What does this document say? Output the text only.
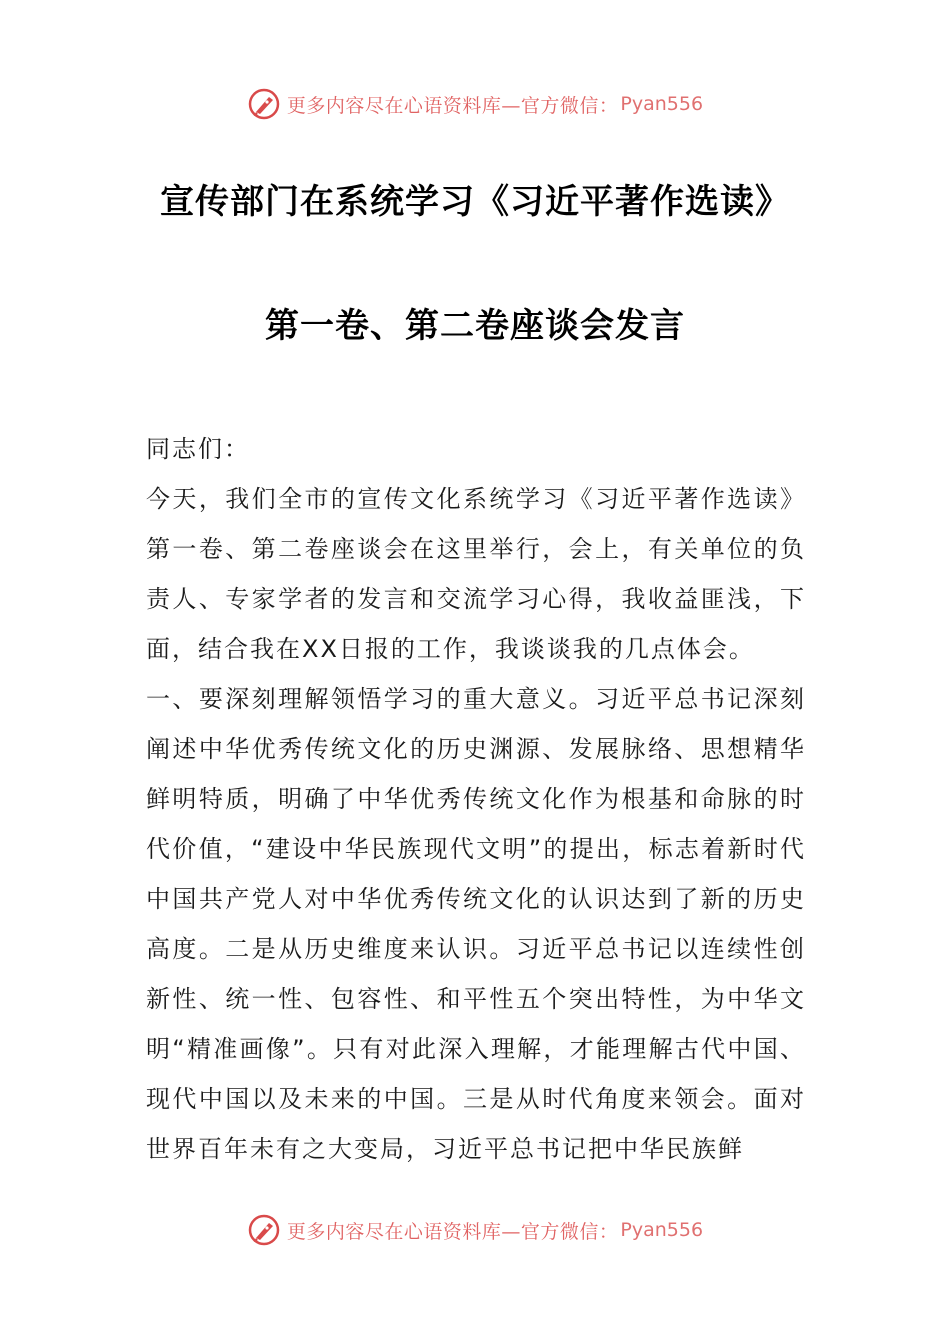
更多内容尽在心语资料库—官方微信： Pyan556
宣传部门在系统学习《习近平著作选读》
第一卷、第二卷座谈会发言

同志们：

今天，我们全市的宣传文化系统学习《习近平著作选读》第一卷、第二卷座谈会在这里举行，会上，有关单位的负责人、专家学者的发言和交流学习心得，我收益匪浅，下面，结合我在XX日报的工作，我谈谈我的几点体会。

一、要深刻理解领悟学习的重大意义。习近平总书记深刻阐述中华优秀传统文化的历史渊源、发展脉络、思想精华鲜明特质，明确了中华优秀传统文化作为根基和命脉的时代价值，“建设中华民族现代文明”的提出，标志着新时代中国共产党人对中华优秀传统文化的认识达到了新的历史高度。二是从历史维度来认识。习近平总书记以连续性创新性、统一性、包容性、和平性五个突出特性，为中华文明“精准画像”。只有对此深入理解，才能理解古代中国、现代中国以及未来的中国。三是从时代角度来领会。面对世界百年未有之大变局，习近平总书记把中华民族鲜

更多内容尽在心语资料库—官方微信： Pyan556
